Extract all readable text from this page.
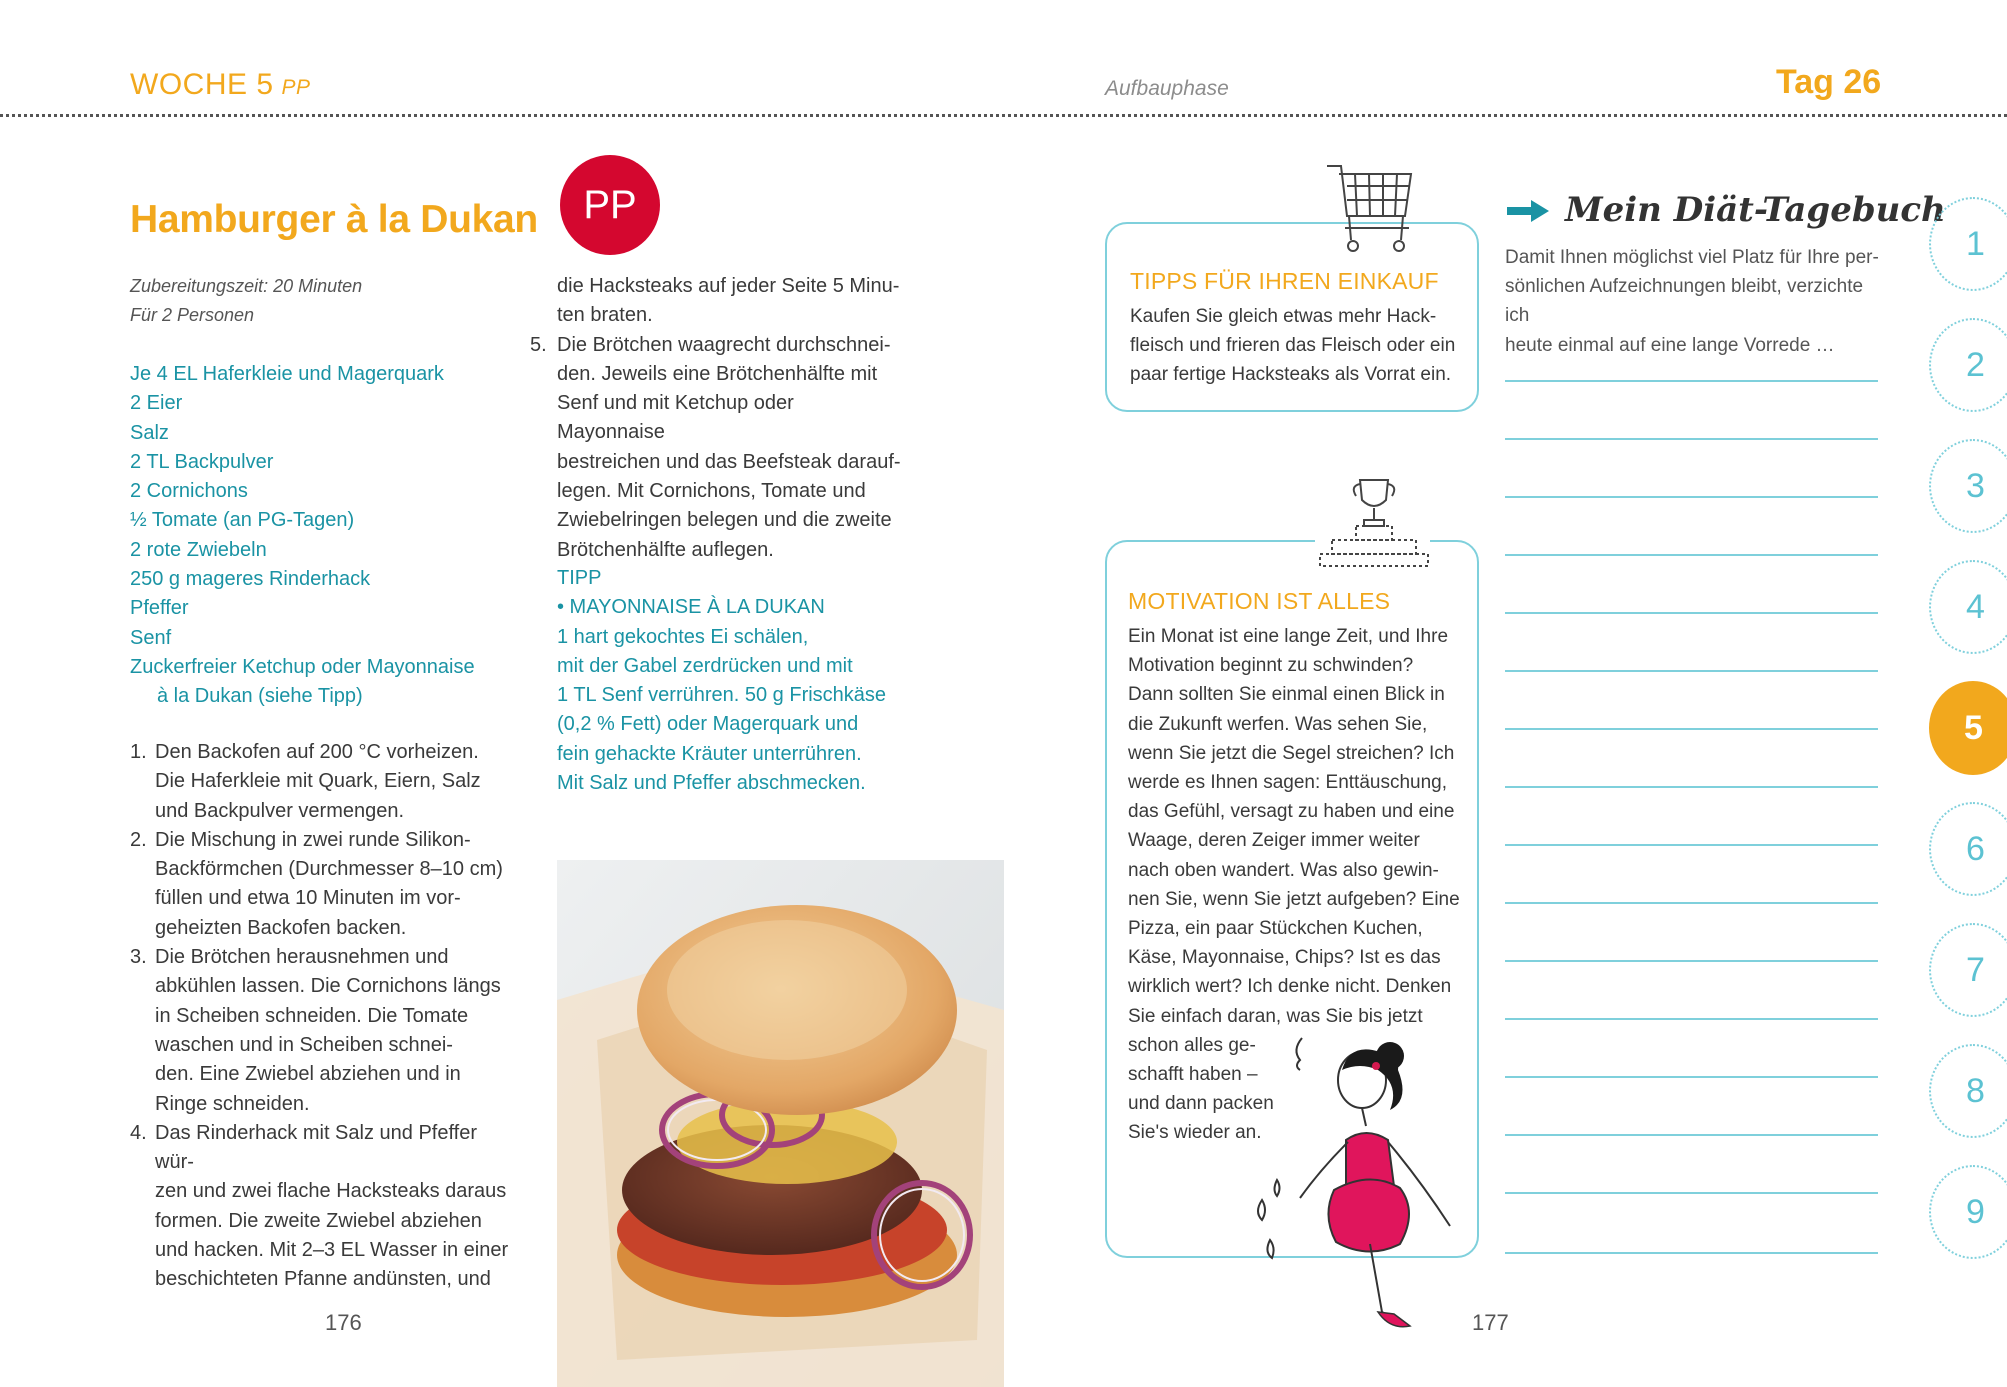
WOCHE 5 PP	Aufbauphase	Tag 26
Hamburger à la Dukan	PP
Zubereitungszeit: 20 Minuten
Für 2 Personen
Je 4 EL Haferkleie und Magerquark
2 Eier
Salz
2 TL Backpulver
2 Cornichons
½ Tomate (an PG-Tagen)
2 rote Zwiebeln
250 g mageres Rinderhack
Pfeffer
Senf
Zuckerfreier Ketchup oder Mayonnaise
à la Dukan (siehe Tipp)
1. Den Backofen auf 200 °C vorheizen.
Die Haferkleie mit Quark, Eiern, Salz
und Backpulver vermengen.
2. Die Mischung in zwei runde Silikon-
Backförmchen (Durchmesser 8–10 cm)
füllen und etwa 10 Minuten im vor-
geheizten Backofen backen.
3. Die Brötchen herausnehmen und
abkühlen lassen. Die Cornichons längs
in Scheiben schneiden. Die Tomate
waschen und in Scheiben schnei-
den. Eine Zwiebel abziehen und in
Ringe schneiden.
4. Das Rinderhack mit Salz und Pfeffer wür-
zen und zwei flache Hacksteaks daraus
formen. Die zweite Zwiebel abziehen
und hacken. Mit 2–3 EL Wasser in einer
beschichteten Pfanne andünsten, und
die Hacksteaks auf jeder Seite 5 Minu-
ten braten.
5. Die Brötchen waagrecht durchschnei-
den. Jeweils eine Brötchenhälfte mit
Senf und mit Ketchup oder Mayonnaise
bestreichen und das Beefsteak darauf-
legen. Mit Cornichons, Tomate und
Zwiebelringen belegen und die zweite
Brötchenhälfte auflegen.
TIPP
• MAYONNAISE À LA DUKAN
1 hart gekochtes Ei schälen,
mit der Gabel zerdrücken und mit
1 TL Senf verrühren. 50 g Frischkäse
(0,2 % Fett) oder Magerquark und
fein gehackte Kräuter unterrühren.
Mit Salz und Pfeffer abschmecken.
176
TIPPS FÜR IHREN EINKAUF
Kaufen Sie gleich etwas mehr Hack-
fleisch und frieren das Fleisch oder ein
paar fertige Hacksteaks als Vorrat ein.
MOTIVATION IST ALLES
Ein Monat ist eine lange Zeit, und Ihre
Motivation beginnt zu schwinden?
Dann sollten Sie einmal einen Blick in
die Zukunft werfen. Was sehen Sie,
wenn Sie jetzt die Segel streichen? Ich
werde es Ihnen sagen: Enttäuschung,
das Gefühl, versagt zu haben und eine
Waage, deren Zeiger immer weiter
nach oben wandert. Was also gewin-
nen Sie, wenn Sie jetzt aufgeben? Eine
Pizza, ein paar Stückchen Kuchen,
Käse, Mayonnaise, Chips? Ist es das
wirklich wert? Ich denke nicht. Denken
Sie einfach daran, was Sie bis jetzt
schon alles ge-
schafft haben –
und dann packen
Sie's wieder an.
Mein Diät-Tagebuch
Damit Ihnen möglichst viel Platz für Ihre per-
sönlichen Aufzeichnungen bleibt, verzichte ich
heute einmal auf eine lange Vorrede …
177
1
2
3
4
5
6
7
8
9
